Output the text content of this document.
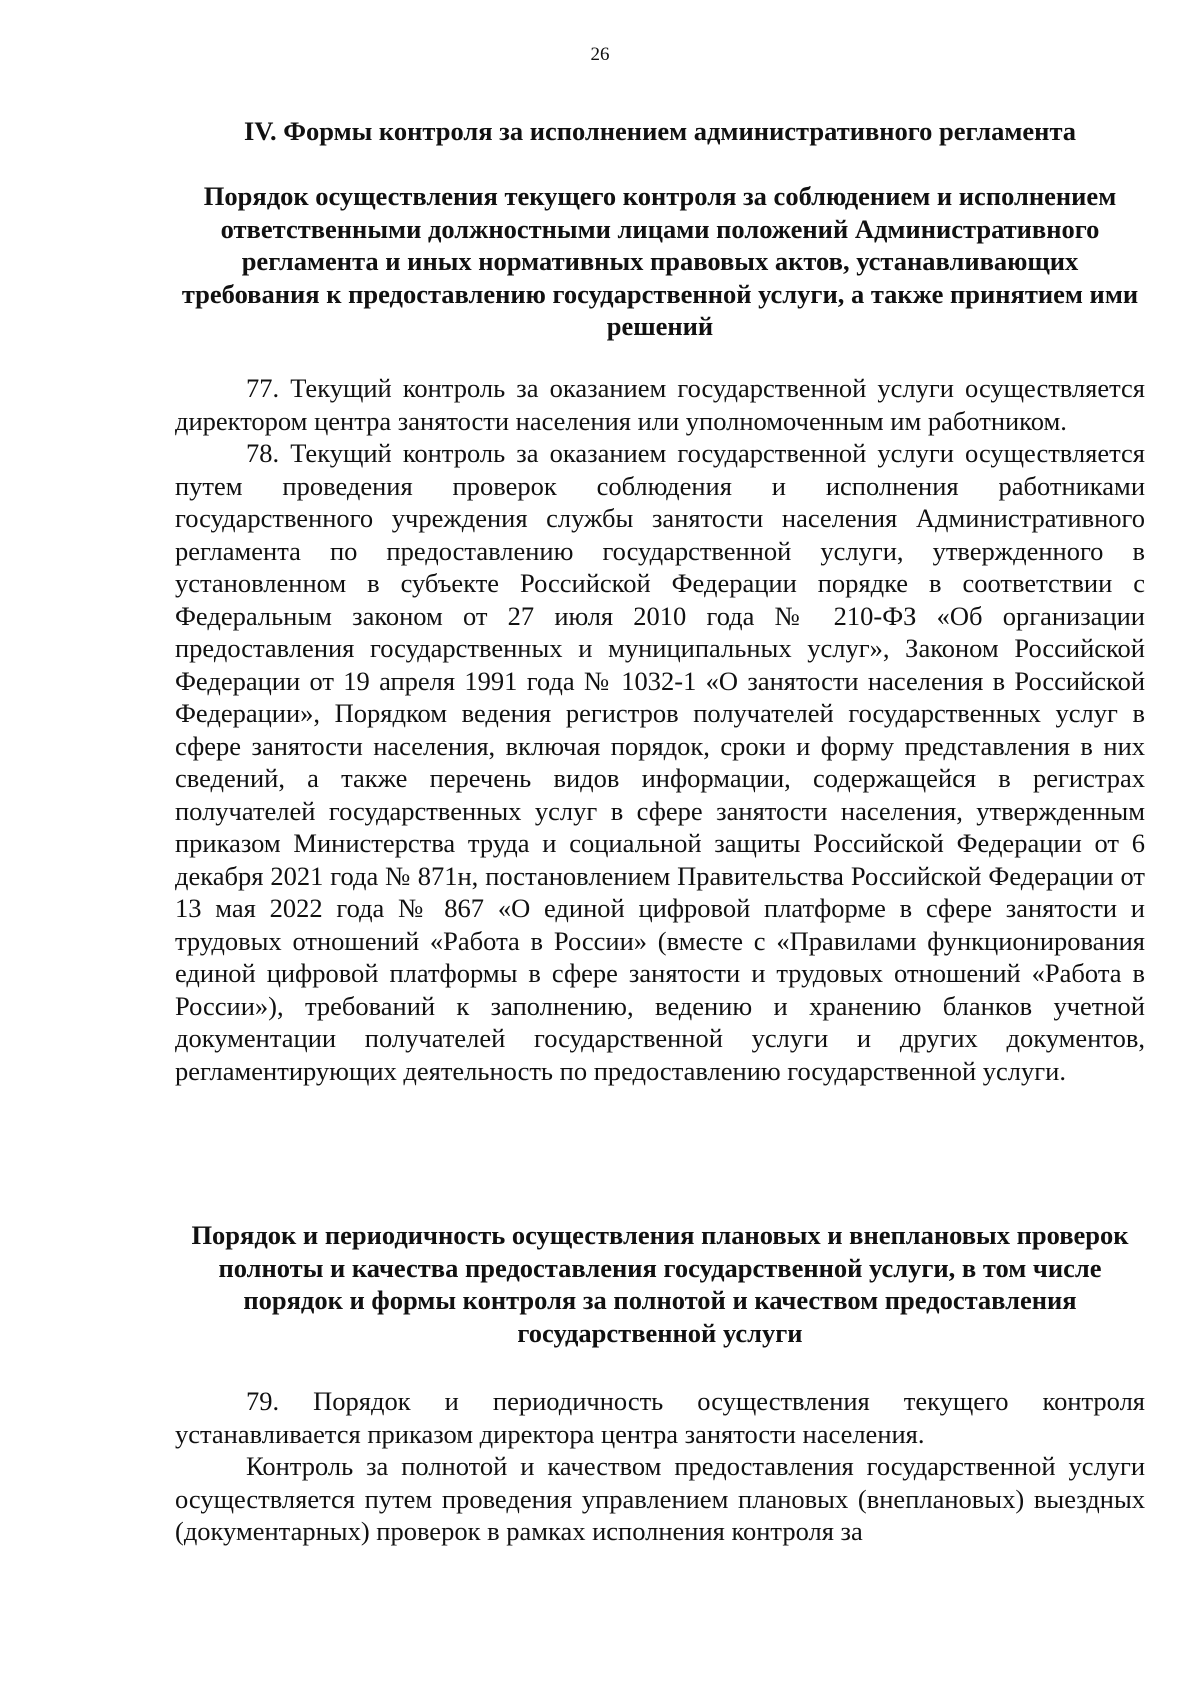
26
IV. Формы контроля за исполнением административного регламента
Порядок осуществления текущего контроля за соблюдением и исполнением ответственными должностными лицами положений Административного регламента и иных нормативных правовых актов, устанавливающих требования к предоставлению государственной услуги, а также принятием ими решений

77. Текущий контроль за оказанием государственной услуги осуществляется директором центра занятости населения или уполномоченным им работником.

78. Текущий контроль за оказанием государственной услуги осуществляется путем проведения проверок соблюдения и исполнения работниками государственного учреждения службы занятости населения Административного регламента по предоставлению государственной услуги, утвержденного в установленном в субъекте Российской Федерации порядке в соответствии с Федеральным законом от 27 июля 2010 года № 210-ФЗ «Об организации предоставления государственных и муниципальных услуг», Законом Российской Федерации от 19 апреля 1991 года № 1032-1 «О занятости населения в Российской Федерации», Порядком ведения регистров получателей государственных услуг в сфере занятости населения, включая порядок, сроки и форму представления в них сведений, а также перечень видов информации, содержащейся в регистрах получателей государственных услуг в сфере занятости населения, утвержденным приказом Министерства труда и социальной защиты Российской Федерации от 6 декабря 2021 года № 871н, постановлением Правительства Российской Федерации от 13 мая 2022 года № 867 «О единой цифровой платформе в сфере занятости и трудовых отношений «Работа в России» (вместе с «Правилами функционирования единой цифровой платформы в сфере занятости и трудовых отношений «Работа в России»), требований к заполнению, ведению и хранению бланков учетной документации получателей государственной услуги и других документов, регламентирующих деятельность по предоставлению государственной услуги.

Порядок и периодичность осуществления плановых и внеплановых проверок полноты и качества предоставления государственной услуги, в том числе порядок и формы контроля за полнотой и качеством предоставления государственной услуги

79. Порядок и периодичность осуществления текущего контроля устанавливается приказом директора центра занятости населения.

Контроль за полнотой и качеством предоставления государственной услуги осуществляется путем проведения управлением плановых (внеплановых) выездных (документарных) проверок в рамках исполнения контроля за
